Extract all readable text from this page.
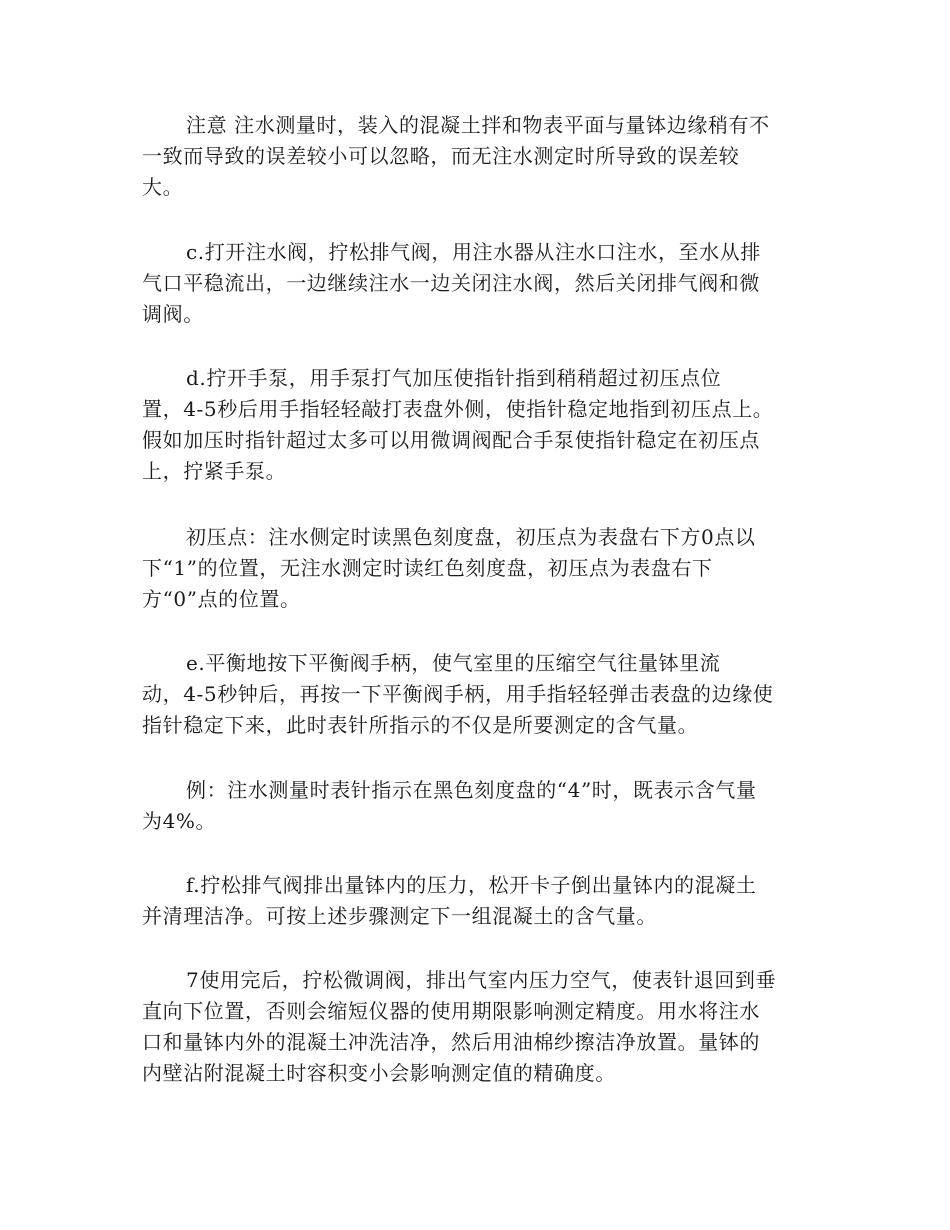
注意 注水测量时，装入的混凝土拌和物表平面与量钵边缘稍有不
一致而导致的误差较小可以忽略，而无注水测定时所导致的误差较
大。

c.打开注水阀，拧松排气阀，用注水器从注水口注水，至水从排
气口平稳流出，一边继续注水一边关闭注水阀，然后关闭排气阀和微
调阀。

d.拧开手泵，用手泵打气加压使指针指到稍稍超过初压点位
置，4-5秒后用手指轻轻敲打表盘外侧，使指针稳定地指到初压点上。
假如加压时指针超过太多可以用微调阀配合手泵使指针稳定在初压点
上，拧紧手泵。

初压点：注水侧定时读黑色刻度盘，初压点为表盘右下方0点以
下“1”的位置，无注水测定时读红色刻度盘，初压点为表盘右下
方“0”点的位置。

e.平衡地按下平衡阀手柄，使气室里的压缩空气往量钵里流
动，4-5秒钟后，再按一下平衡阀手柄，用手指轻轻弹击表盘的边缘使
指针稳定下来，此时表针所指示的不仅是所要测定的含气量。

例：注水测量时表针指示在黑色刻度盘的“4”时，既表示含气量
为4%。

f.拧松排气阀排出量钵内的压力，松开卡子倒出量钵内的混凝土
并清理洁净。可按上述步骤测定下一组混凝土的含气量。

7使用完后，拧松微调阀，排出气室内压力空气，使表针退回到垂
直向下位置，否则会缩短仪器的使用期限影响测定精度。用水将注水
口和量钵内外的混凝土冲洗洁净，然后用油棉纱擦洁净放置。量钵的
内壁沾附混凝土时容积变小会影响测定值的精确度。
